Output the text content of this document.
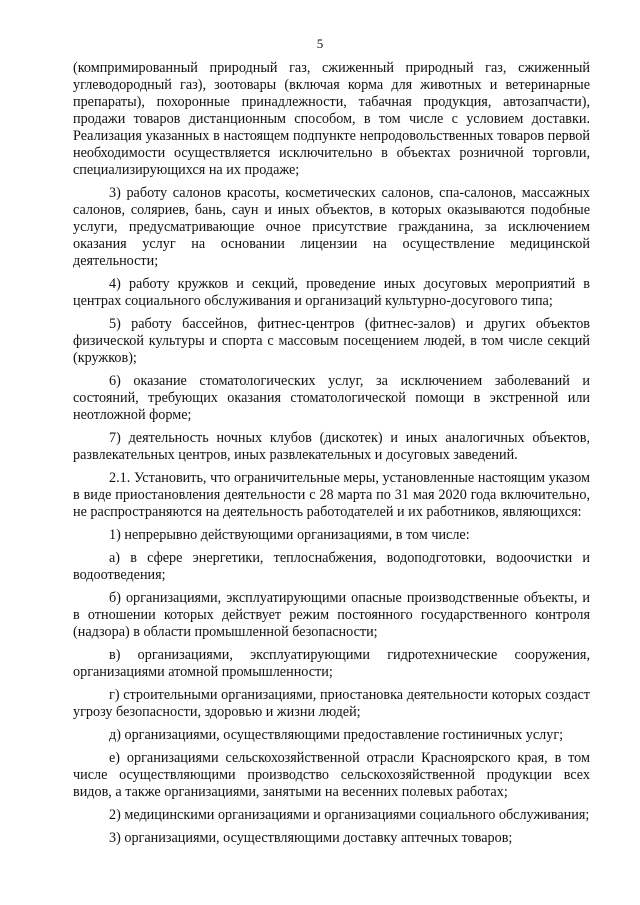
5

(компримированный природный газ, сжиженный природный газ, сжиженный углеводородный газ), зоотовары (включая корма для животных и ветеринарные препараты), похоронные принадлежности, табачная продукция, автозапчасти), продажи товаров дистанционным способом, в том числе с условием доставки. Реализация указанных в настоящем подпункте непродовольственных товаров первой необходимости осуществляется исключительно в объектах розничной торговли, специализирующихся на их продаже;

3) работу салонов красоты, косметических салонов, спа-салонов, массажных салонов, соляриев, бань, саун и иных объектов, в которых оказываются подобные услуги, предусматривающие очное присутствие гражданина, за исключением оказания услуг на основании лицензии на осуществление медицинской деятельности;

4) работу кружков и секций, проведение иных досуговых мероприятий в центрах социального обслуживания и организаций культурно-досугового типа;

5) работу бассейнов, фитнес-центров (фитнес-залов) и других объектов физической культуры и спорта с массовым посещением людей, в том числе секций (кружков);

6) оказание стоматологических услуг, за исключением заболеваний и состояний, требующих оказания стоматологической помощи в экстренной или неотложной форме;

7) деятельность ночных клубов (дискотек) и иных аналогичных объектов, развлекательных центров, иных развлекательных и досуговых заведений.

2.1. Установить, что ограничительные меры, установленные настоящим указом в виде приостановления деятельности с 28 марта по 31 мая 2020 года включительно, не распространяются на деятельность работодателей и их работников, являющихся:

1) непрерывно действующими организациями, в том числе:

а) в сфере энергетики, теплоснабжения, водоподготовки, водоочистки и водоотведения;

б) организациями, эксплуатирующими опасные производственные объекты, и в отношении которых действует режим постоянного государственного контроля (надзора) в области промышленной безопасности;

в) организациями, эксплуатирующими гидротехнические сооружения, организациями атомной промышленности;

г) строительными организациями, приостановка деятельности которых создаст угрозу безопасности, здоровью и жизни людей;

д) организациями, осуществляющими предоставление гостиничных услуг;

е) организациями сельскохозяйственной отрасли Красноярского края, в том числе осуществляющими производство сельскохозяйственной продукции всех видов, а также организациями, занятыми на весенних полевых работах;

2) медицинскими организациями и организациями социального обслуживания;

3) организациями, осуществляющими доставку аптечных товаров;
